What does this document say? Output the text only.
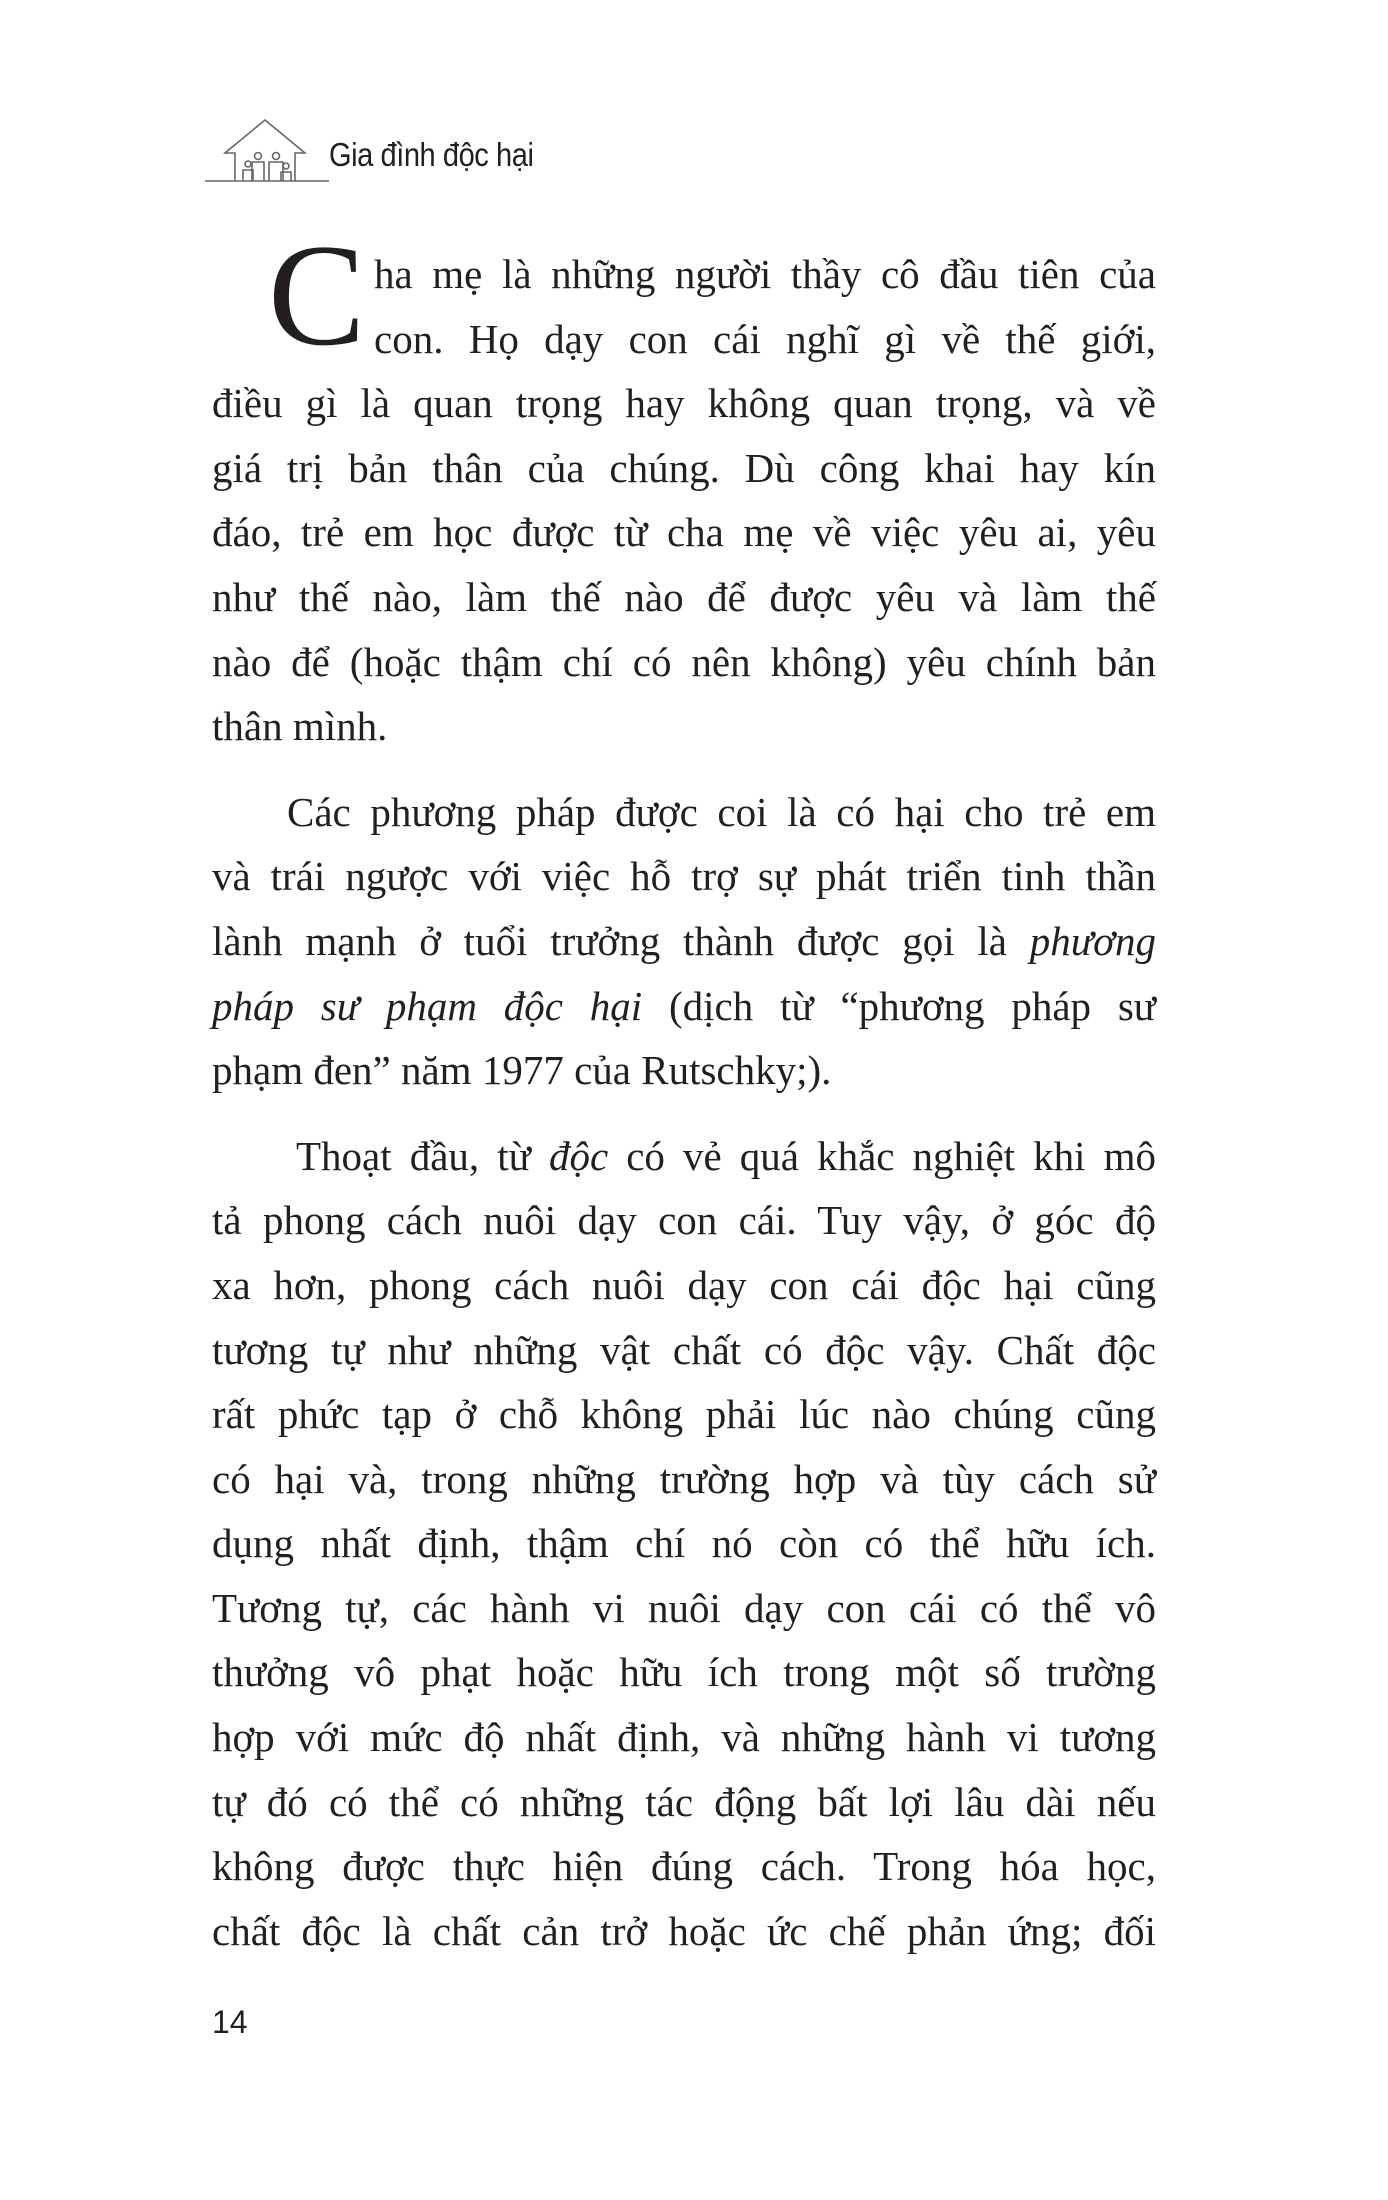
Gia đình độc hại
C ha mẹ là những người thầy cô đầu tiên của
con. Họ dạy con cái nghĩ gì về thế giới,
điều gì là quan trọng hay không quan trọng, và về
giá trị bản thân của chúng. Dù công khai hay kín
đáo, trẻ em học được từ cha mẹ về việc yêu ai, yêu
như thế nào, làm thế nào để được yêu và làm thế
nào để (hoặc thậm chí có nên không) yêu chính bản
thân mình.
Các phương pháp được coi là có hại cho trẻ em
và trái ngược với việc hỗ trợ sự phát triển tinh thần
lành mạnh ở tuổi trưởng thành được gọi là phương
pháp sư phạm độc hại (dịch từ “phương pháp sư
phạm đen” năm 1977 của Rutschky;).
Thoạt đầu, từ độc có vẻ quá khắc nghiệt khi mô
tả phong cách nuôi dạy con cái. Tuy vậy, ở góc độ
xa hơn, phong cách nuôi dạy con cái độc hại cũng
tương tự như những vật chất có độc vậy. Chất độc
rất phức tạp ở chỗ không phải lúc nào chúng cũng
có hại và, trong những trường hợp và tùy cách sử
dụng nhất định, thậm chí nó còn có thể hữu ích.
Tương tự, các hành vi nuôi dạy con cái có thể vô
thưởng vô phạt hoặc hữu ích trong một số trường
hợp với mức độ nhất định, và những hành vi tương
tự đó có thể có những tác động bất lợi lâu dài nếu
không được thực hiện đúng cách. Trong hóa học,
chất độc là chất cản trở hoặc ức chế phản ứng; đối
14
